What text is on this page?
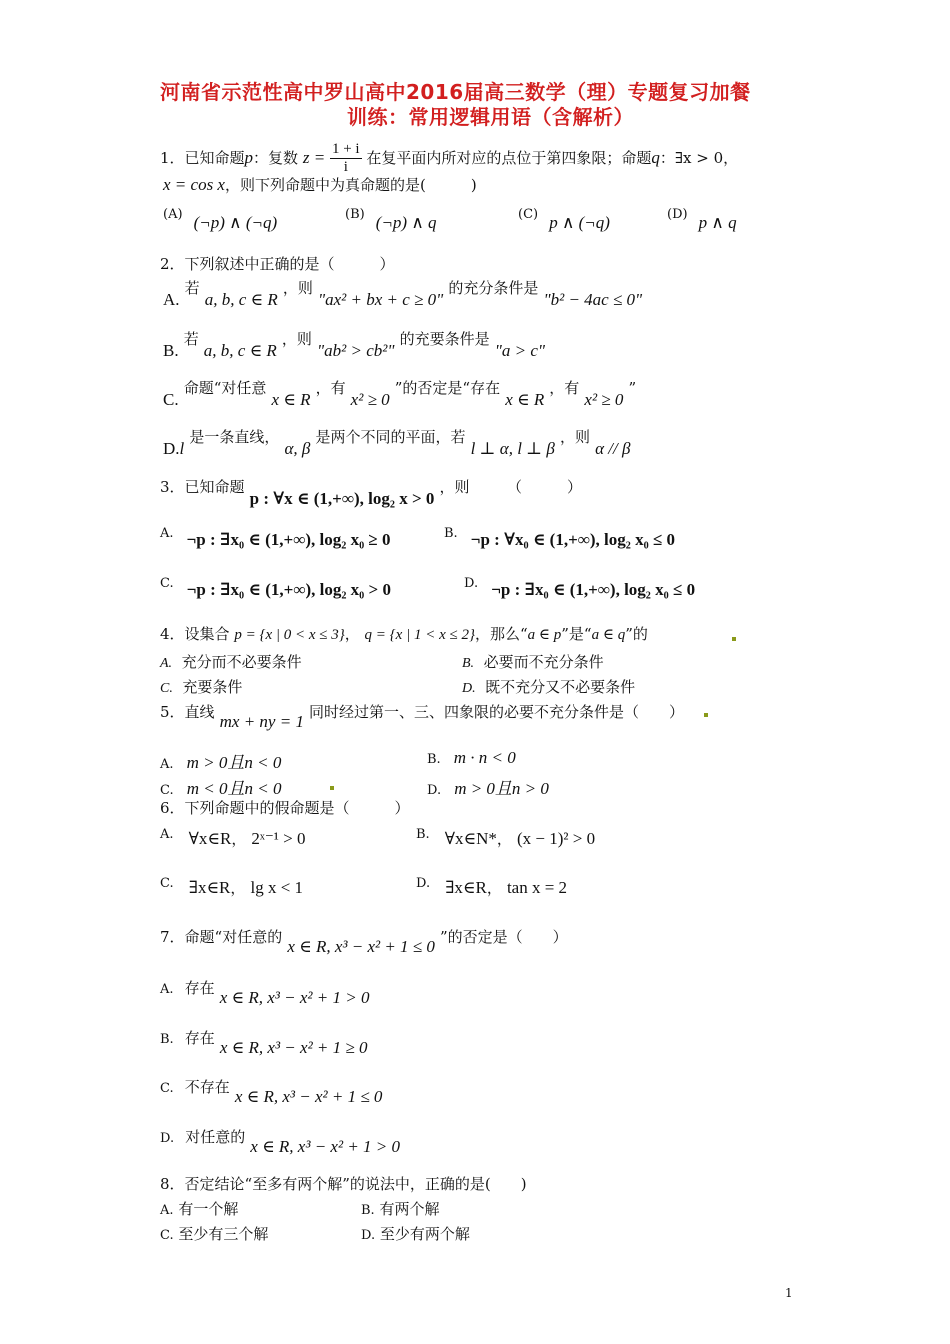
河南省示范性高中罗山高中2016届高三数学（理）专题复习加餐
训练：常用逻辑用语（含解析）
1．已知命题p：复数 $z = \frac{1 + i}{i}$ 在复平面内所对应的点位于第四象限；命题q：∃x > 0，
x = cos x，则下列命题中为真命题的是(　　　)
(A) (¬p) ∧ (¬q)	(B) (¬p) ∧ q	(C) p ∧ (¬q)	(D) p ∧ q
2．下列叙述中正确的是（　　　）
A. 若 a, b, c ∈ R ，则 "ax² + bx + c ≥ 0" 的充分条件是 "b² − 4ac ≤ 0"
B. 若 a, b, c ∈ R ，则 "ab² > cb²" 的充要条件是 "a > c"
C. 命题“对任意 x ∈ R ，有 x² ≥ 0 ”的否定是“存在 x ∈ R ，有 x² ≥ 0 ”
D.l 是一条直线， α, β 是两个不同的平面，若 l ⊥ α, l ⊥ β ，则 α // β
3．已知命题 p : ∀x ∈ (1,+∞), log₂ x > 0 ，则　　　（　　　）
$^{A.}$ ¬p : ∃x₀ ∈ (1,+∞), log₂ x₀ ≥ 0	$^{B.}$ ¬p : ∀x₀ ∈ (1,+∞), log₂ x₀ ≤ 0
$^{C.}$ ¬p : ∃x₀ ∈ (1,+∞), log₂ x₀ > 0	$^{D.}$ ¬p : ∃x₀ ∈ (1,+∞), log₂ x₀ ≤ 0
4．设集合 p = {x | 0 < x ≤ 3}， q = {x | 1 < x ≤ 2}，那么“a ∈ p”是“a ∈ q”的
A. 充分而不必要条件	B. 必要而不充分条件
C. 充要条件	D. 既不充分又不必要条件
5．直线 mx + ny = 1 同时经过第一、三、四象限的必要不充分条件是（　　）
A. m > 0且n < 0	B. m · n < 0
C. m < 0且n < 0	D. m > 0且n > 0
6．下列命题中的假命题是（　　　）
$^{A.}$ ∀x∈R， 2ˣ⁻¹ > 0	$^{B.}$ ∀x∈N*， (x − 1)² > 0
$^{C.}$ ∃x∈R， lg x < 1	$^{D.}$ ∃x∈R， tan x = 2
7．命题“对任意的 x ∈ R, x³ − x² + 1 ≤ 0 ”的否定是（　　）
A. 存在 x ∈ R, x³ − x² + 1 > 0
B. 存在 x ∈ R, x³ − x² + 1 ≥ 0
C. 不存在 x ∈ R, x³ − x² + 1 ≤ 0
D. 对任意的 x ∈ R, x³ − x² + 1 > 0
8．否定结论“至多有两个解”的说法中，正确的是(　　)
A. 有一个解	B. 有两个解
C. 至少有三个解	D. 至少有两个解
1
